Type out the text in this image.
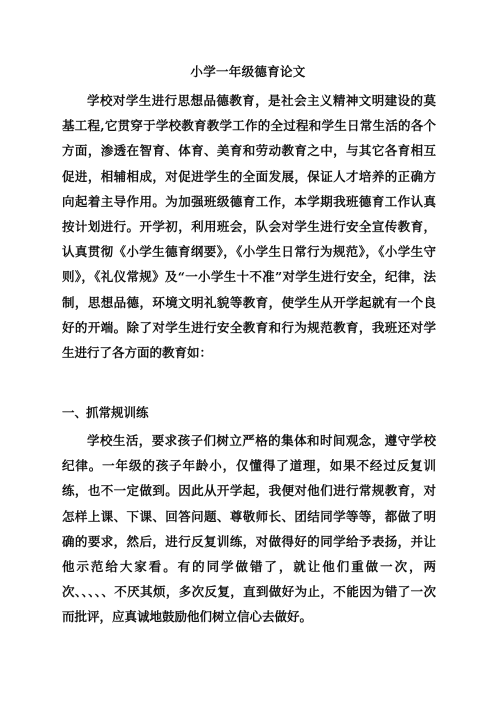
小学一年级德育论文

学校对学生进行思想品德教育，是社会主义精神文明建设的莫基工程,它贯穿于学校教育教学工作的全过程和学生日常生活的各个方面，渗透在智育、体育、美育和劳动教育之中，与其它各育相互促进，相辅相成，对促进学生的全面发展，保证人才培养的正确方向起着主导作用。为加强班级德育工作，本学期我班德育工作认真按计划进行。开学初，利用班会，队会对学生进行安全宣传教育，认真贯彻《小学生德育纲要》，《小学生日常行为规范》，《小学生守则》，《礼仪常规》及“一小学生十不准”对学生进行安全，纪律，法制，思想品德，环境文明礼貌等教育，使学生从开学起就有一个良好的开端。除了对学生进行安全教育和行为规范教育，我班还对学生进行了各方面的教育如：

一、抓常规训练

学校生活，要求孩子们树立严格的集体和时间观念，遵守学校纪律。一年级的孩子年龄小，仅懂得了道理，如果不经过反复训练，也不一定做到。因此从开学起，我便对他们进行常规教育，对怎样上课、下课、回答问题、尊敬师长、团结同学等等，都做了明确的要求，然后，进行反复训练，对做得好的同学给予表扬，并让他示范给大家看。有的同学做错了，就让他们重做一次，两次、、、、、不厌其烦，多次反复，直到做好为止，不能因为错了一次而批评，应真诚地鼓励他们树立信心去做好。
